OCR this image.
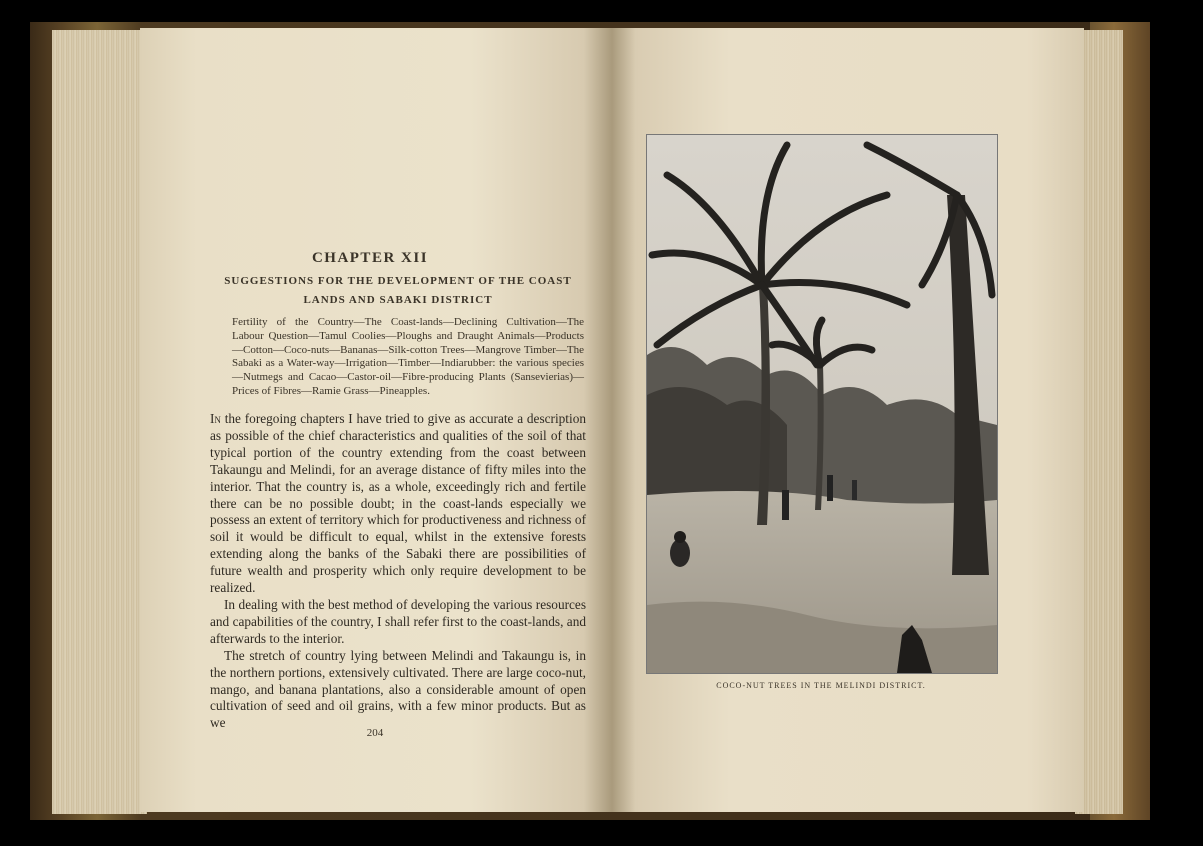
CHAPTER XII
SUGGESTIONS FOR THE DEVELOPMENT OF THE COAST LANDS AND SABAKI DISTRICT

Fertility of the Country—The Coast-lands—Declining Cultivation—The Labour Question—Tamul Coolies—Ploughs and Draught Animals—Products—Cotton—Coco-nuts—Bananas—Silk-cotton Trees—Mangrove Timber—The Sabaki as a Water-way—Irrigation—Timber—Indiarubber: the various species—Nutmegs and Cacao—Castor-oil—Fibre-producing Plants (Sansevierias)—Prices of Fibres—Ramie Grass—Pineapples.

In the foregoing chapters I have tried to give as accurate a description as possible of the chief characteristics and qualities of the soil of that typical portion of the country extending from the coast between Takaungu and Melindi, for an average distance of fifty miles into the interior. That the country is, as a whole, exceedingly rich and fertile there can be no possible doubt; in the coast-lands especially we possess an extent of territory which for productiveness and richness of soil it would be difficult to equal, whilst in the extensive forests extending along the banks of the Sabaki there are possibilities of future wealth and prosperity which only require development to be realized.

In dealing with the best method of developing the various resources and capabilities of the country, I shall refer first to the coast-lands, and afterwards to the interior.

The stretch of country lying between Melindi and Takaungu is, in the northern portions, extensively cultivated. There are large coco-nut, mango, and banana plantations, also a considerable amount of open cultivation of seed and oil grains, with a few minor products. But as we

204

COCO-NUT TREES IN THE MELINDI DISTRICT.
